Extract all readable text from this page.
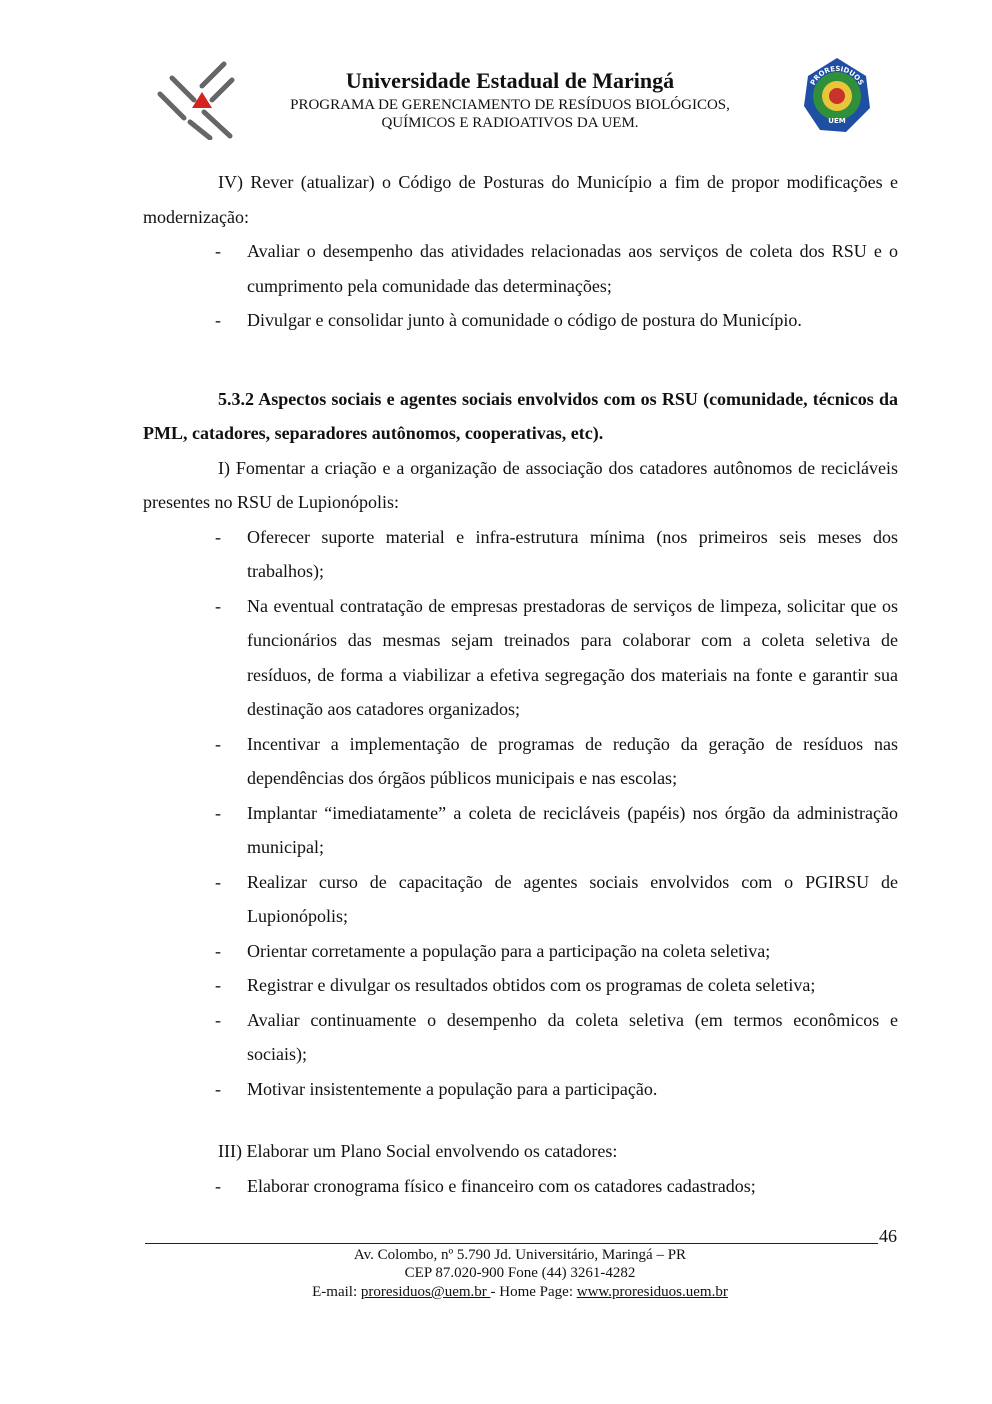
Universidade Estadual de Maringá
PROGRAMA DE GERENCIAMENTO DE RESÍDUOS BIOLÓGICOS,
QUÍMICOS E RADIOATIVOS DA UEM.
PRORESIDUOS
UEM

IV) Rever (atualizar) o Código de Posturas do Município a fim de propor modificações e modernização:

- Avaliar o desempenho das atividades relacionadas aos serviços de coleta dos RSU e o cumprimento pela comunidade das determinações;

- Divulgar e consolidar junto à comunidade o código de postura do Município.

5.3.2 Aspectos sociais e agentes sociais envolvidos com os RSU (comunidade, técnicos da PML, catadores, separadores autônomos, cooperativas, etc).

I) Fomentar a criação e a organização de associação dos catadores autônomos de recicláveis presentes no RSU de Lupionópolis:

- Oferecer suporte material e infra-estrutura mínima (nos primeiros seis meses dos trabalhos);

- Na eventual contratação de empresas prestadoras de serviços de limpeza, solicitar que os funcionários das mesmas sejam treinados para colaborar com a coleta seletiva de resíduos, de forma a viabilizar a efetiva segregação dos materiais na fonte e garantir sua destinação aos catadores organizados;

- Incentivar a implementação de programas de redução da geração de resíduos nas dependências dos órgãos públicos municipais e nas escolas;

- Implantar “imediatamente” a coleta de recicláveis (papéis) nos órgão da administração municipal;

- Realizar curso de capacitação de agentes sociais envolvidos com o PGIRSU de Lupionópolis;

- Orientar corretamente a população para a participação na coleta seletiva;

- Registrar e divulgar os resultados obtidos com os programas de coleta seletiva;

- Avaliar continuamente o desempenho da coleta seletiva (em termos econômicos e sociais);

- Motivar insistentemente a população para a participação.

III) Elaborar um Plano Social envolvendo os catadores:

- Elaborar cronograma físico e financeiro com os catadores cadastrados;

46
Av. Colombo, nº 5.790 Jd. Universitário, Maringá – PR
CEP 87.020-900 Fone (44) 3261-4282
E-mail: proresiduos@uem.br - Home Page: www.proresiduos.uem.br
